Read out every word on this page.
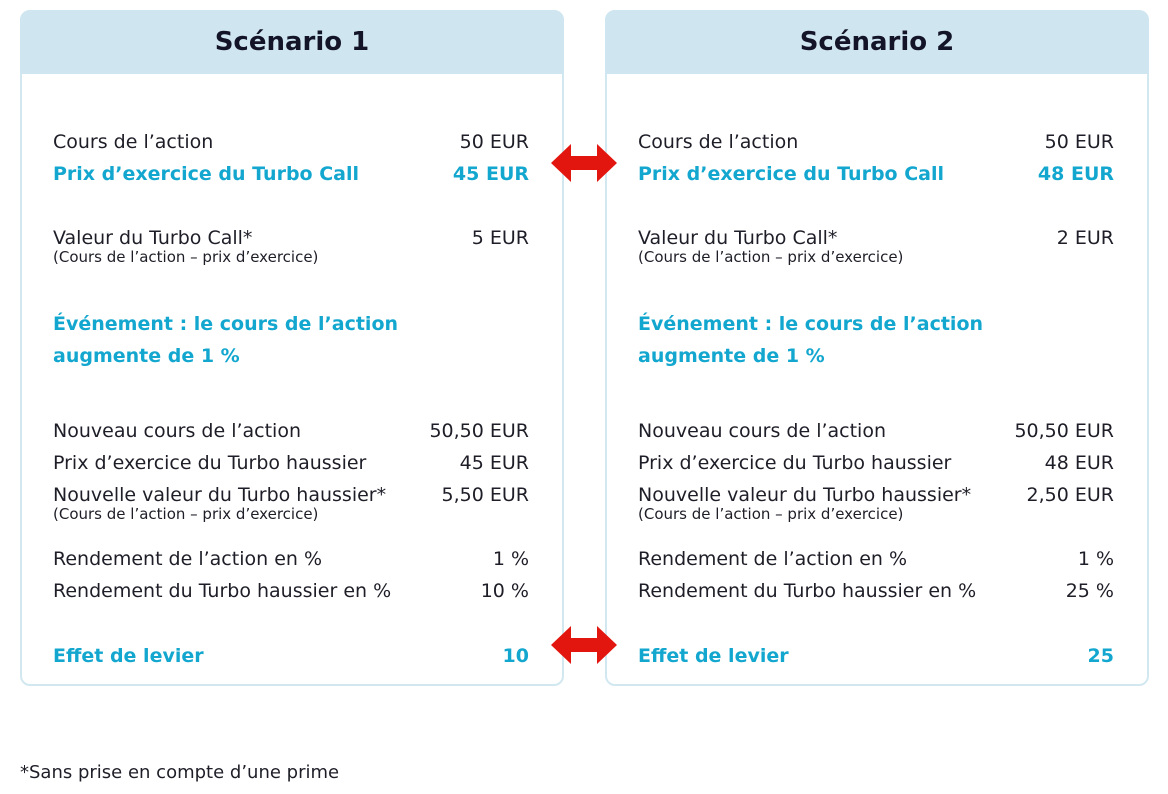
Scénario 1
Cours de l’action	50 EUR
Prix d’exercice du Turbo Call	45 EUR
Valeur du Turbo Call*	5 EUR
(Cours de l’action – prix d’exercice)
Événement : le cours de l’action
augmente de 1 %
Nouveau cours de l’action	50,50 EUR
Prix d’exercice du Turbo haussier	45 EUR
Nouvelle valeur du Turbo haussier*	5,50 EUR
(Cours de l’action – prix d’exercice)
Rendement de l’action en %	1 %
Rendement du Turbo haussier en %	10 %
Effet de levier	10
Scénario 2
Cours de l’action	50 EUR
Prix d’exercice du Turbo Call	48 EUR
Valeur du Turbo Call*	2 EUR
(Cours de l’action – prix d’exercice)
Événement : le cours de l’action
augmente de 1 %
Nouveau cours de l’action	50,50 EUR
Prix d’exercice du Turbo haussier	48 EUR
Nouvelle valeur du Turbo haussier*	2,50 EUR
(Cours de l’action – prix d’exercice)
Rendement de l’action en %	1 %
Rendement du Turbo haussier en %	25 %
Effet de levier	25
*Sans prise en compte d’une prime
